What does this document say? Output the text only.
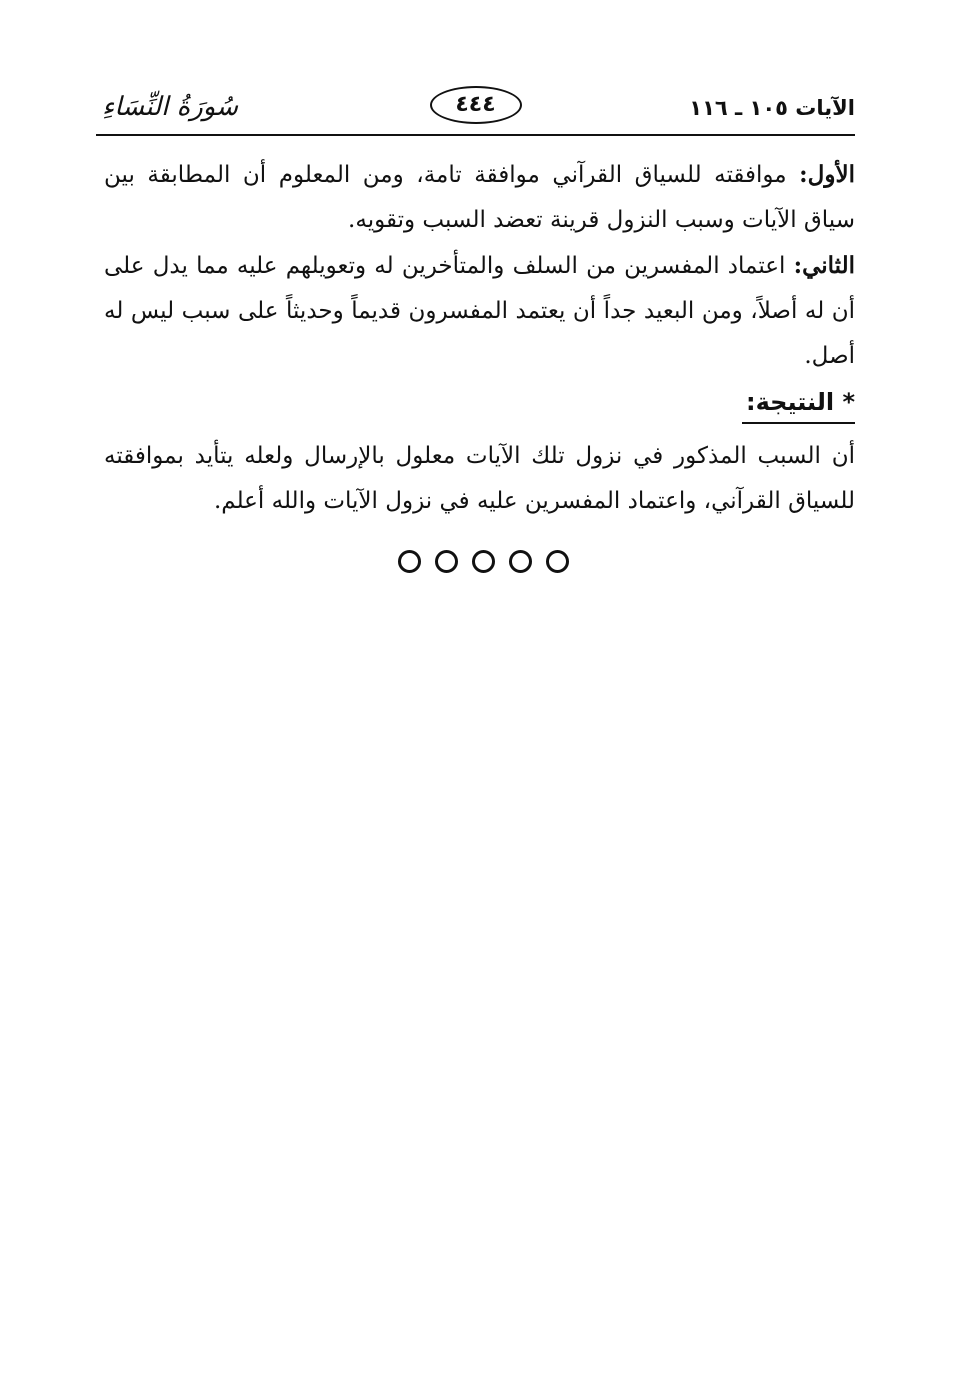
الآيات ١٠٥ ـ ١١٦
٤٤٤
سُورَةُ النِّسَاءِ

الأول: موافقته للسياق القرآني موافقة تامة، ومن المعلوم أن المطابقة بين سياق الآيات وسبب النزول قرينة تعضد السبب وتقويه.

الثاني: اعتماد المفسرين من السلف والمتأخرين له وتعويلهم عليه مما يدل على أن له أصلاً، ومن البعيد جداً أن يعتمد المفسرون قديماً وحديثاً على سبب ليس له أصل.

* النتيجة:

أن السبب المذكور في نزول تلك الآيات معلول بالإرسال ولعله يتأيد بموافقته للسياق القرآني، واعتماد المفسرين عليه في نزول الآيات والله أعلم.
